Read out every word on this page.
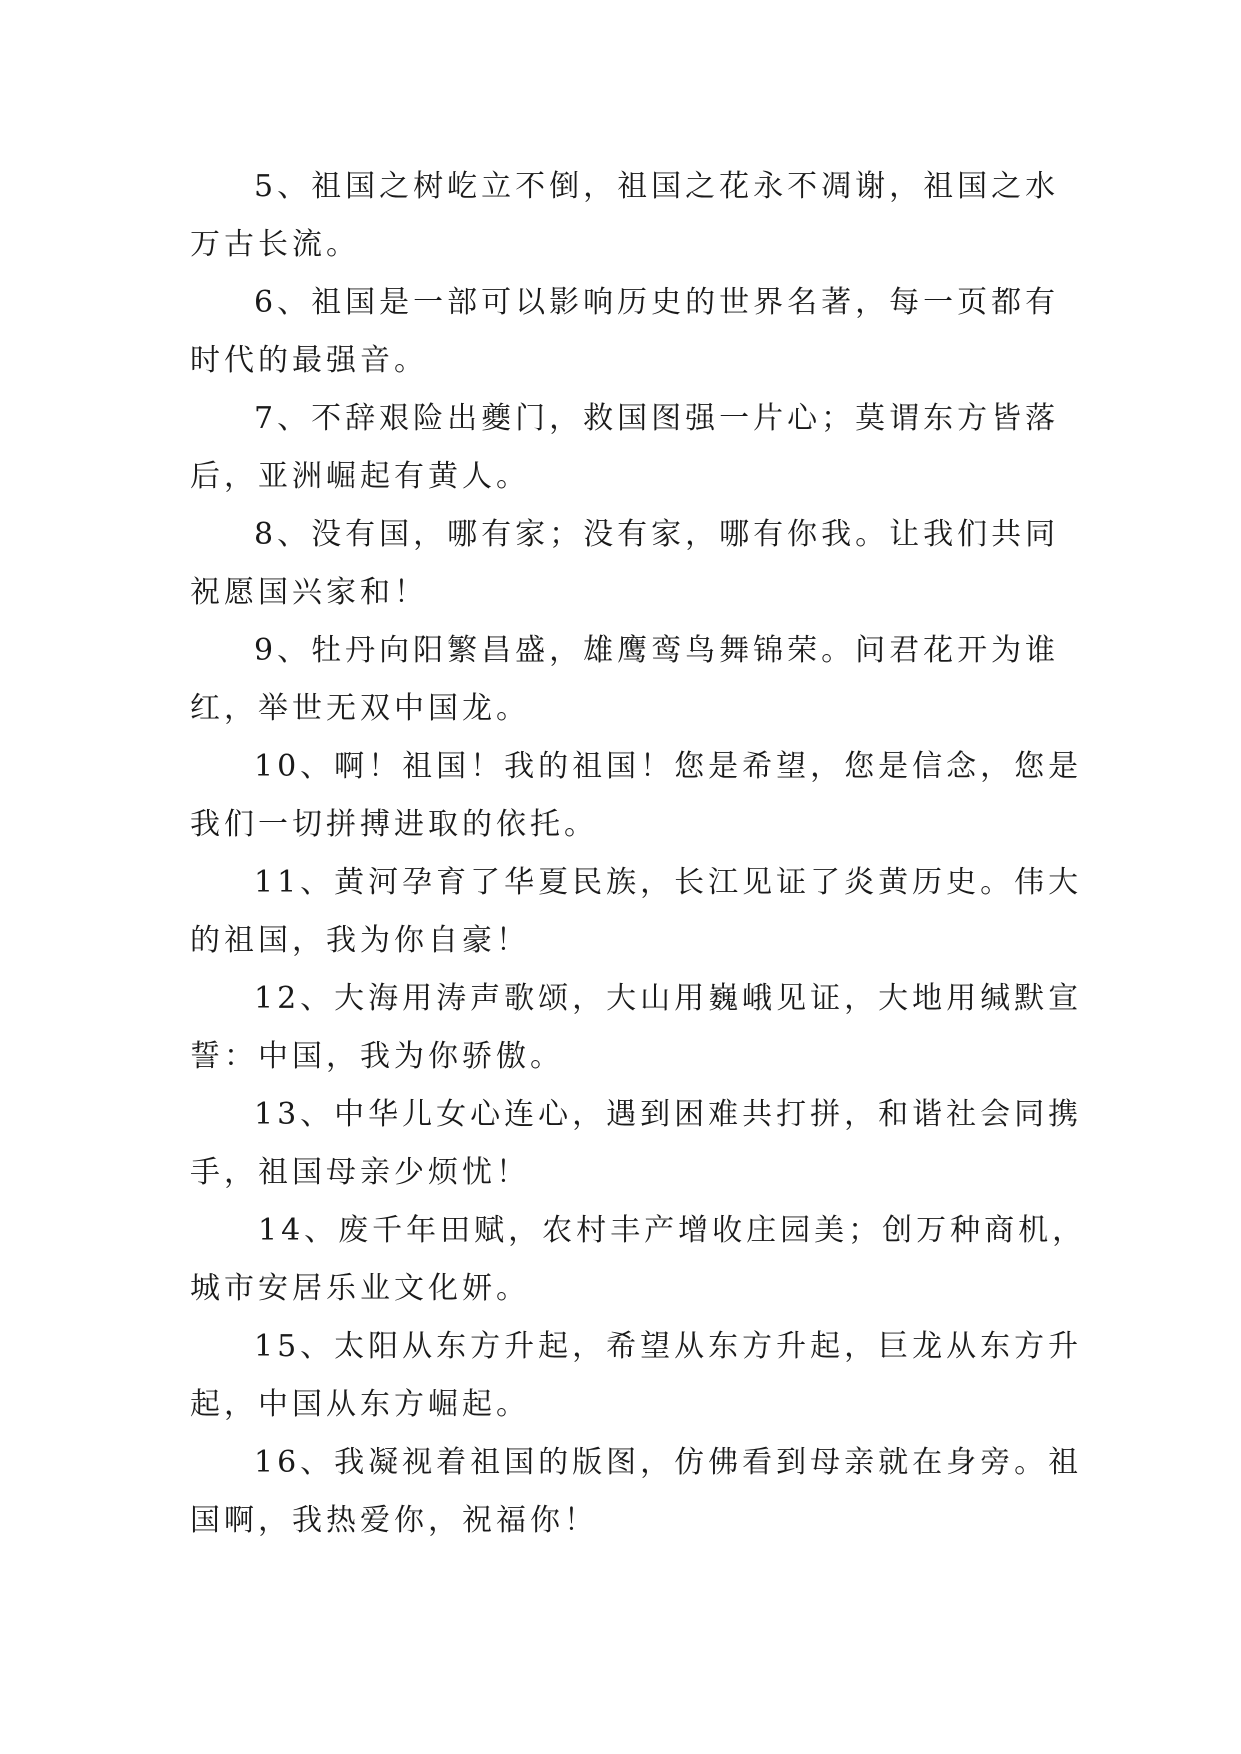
5、祖国之树屹立不倒，祖国之花永不凋谢，祖国之水
万古长流。
6、祖国是一部可以影响历史的世界名著，每一页都有
时代的最强音。
7、不辞艰险出夔门，救国图强一片心；莫谓东方皆落
后，亚洲崛起有黄人。
8、没有国，哪有家；没有家，哪有你我。让我们共同
祝愿国兴家和！
9、牡丹向阳繁昌盛，雄鹰鸾鸟舞锦荣。问君花开为谁
红，举世无双中国龙。
10、啊！祖国！我的祖国！您是希望，您是信念，您是
我们一切拼搏进取的依托。
11、黄河孕育了华夏民族，长江见证了炎黄历史。伟大
的祖国，我为你自豪！
12、大海用涛声歌颂，大山用巍峨见证，大地用缄默宣
誓：中国，我为你骄傲。
13、中华儿女心连心，遇到困难共打拼，和谐社会同携
手，祖国母亲少烦忧！
14、废千年田赋，农村丰产增收庄园美；创万种商机，
城市安居乐业文化妍。
15、太阳从东方升起，希望从东方升起，巨龙从东方升
起，中国从东方崛起。
16、我凝视着祖国的版图，仿佛看到母亲就在身旁。祖
国啊，我热爱你，祝福你！
